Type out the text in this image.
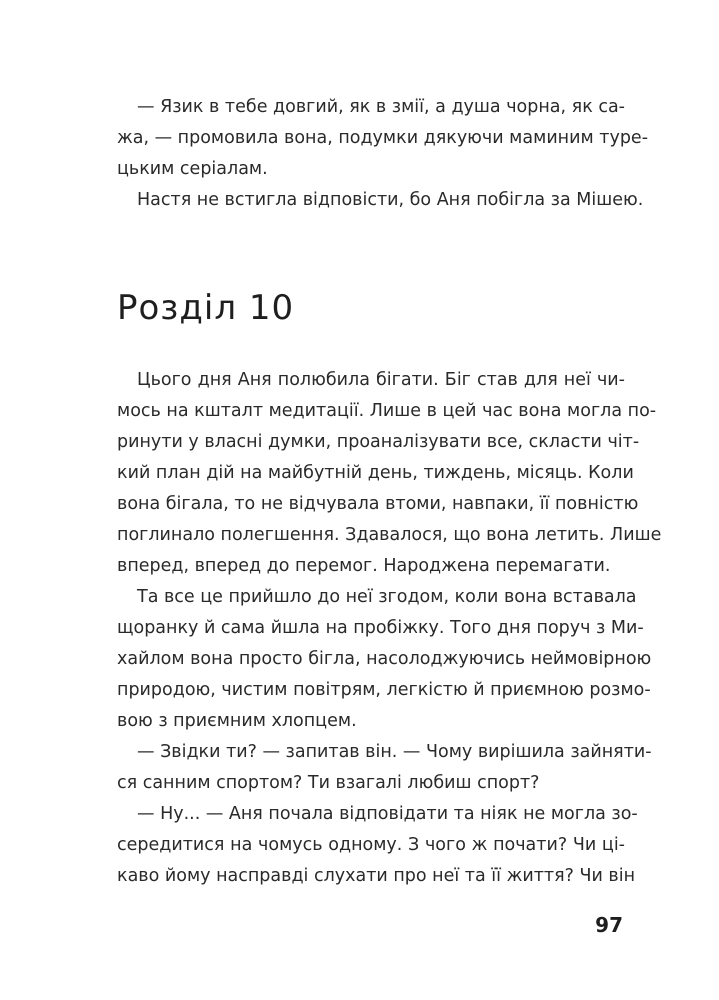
— Язик в тебе довгий, як в змії, а душа чорна, як са-
жа, — промовила вона, подумки дякуючи маминим туре-
цьким серіалам.
Настя не встигла відповісти, бо Аня побігла за Мішею.
Розділ 10
Цього дня Аня полюбила бігати. Біг став для неї чи-
мось на кшталт медитації. Лише в цей час вона могла по-
ринути у власні думки, проаналізувати все, скласти чіт-
кий план дій на майбутній день, тиждень, місяць. Коли
вона бігала, то не відчувала втоми, навпаки, її повністю
поглинало полегшення. Здавалося, що вона летить. Лише
вперед, вперед до перемог. Народжена перемагати.
Та все це прийшло до неї згодом, коли вона вставала
щоранку й сама йшла на пробіжку. Того дня поруч з Ми-
хайлом вона просто бігла, насолоджуючись неймовірною
природою, чистим повітрям, легкістю й приємною розмо-
вою з приємним хлопцем.
— Звідки ти? — запитав він. — Чому вирішила зайняти-
ся санним спортом? Ти взагалі любиш спорт?
— Ну... — Аня почала відповідати та ніяк не могла зо-
середитися на чомусь одному. З чого ж почати? Чи ці-
каво йому насправді слухати про неї та її життя? Чи він
97
